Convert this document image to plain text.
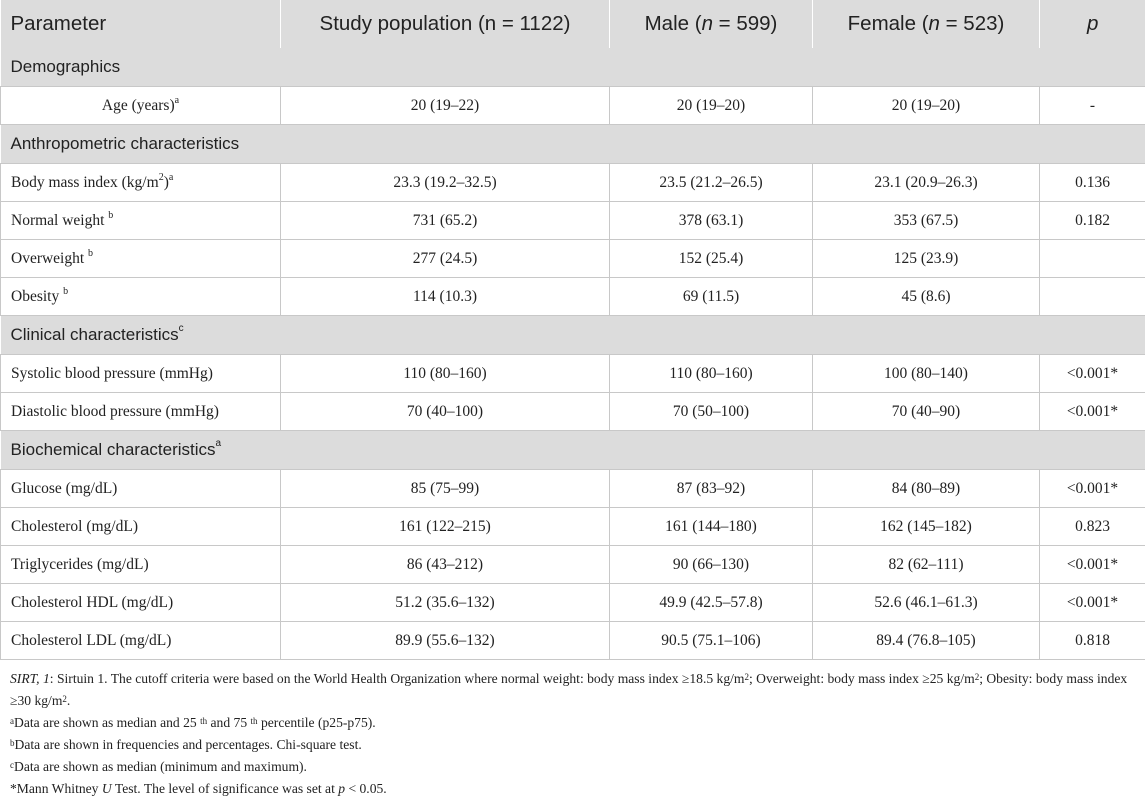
Parameter	Study population (n = 1122)	Male (n = 599)	Female (n = 523)	p
Demographics				
Age (years)$^a$	20 (19–22)	20 (19–20)	20 (19–20)	-
Anthropometric characteristics				
Body mass index $(kg/m^2)^a$	23.3 (19.2–32.5)	23.5 (21.2–26.5)	23.1 (20.9–26.3)	0.136
Normal weight $^b$	731 (65.2)	378 (63.1)	353 (67.5)	0.182
Overweight $^b$	277 (24.5)	152 (25.4)	125 (23.9)	
Obesity $^b$	114 (10.3)	69 (11.5)	45 (8.6)	
Clinical characteristics$^c$
Systolic blood pressure (mmHg)	110 (80–160)	110 (80–160)	100 (80–140)	<0.001*
Diastolic blood pressure (mmHg)	70 (40–100)	70 (50–100)	70 (40–90)	<0.001*
Biochemical characteristics$^a$
Glucose (mg/dL)	85 (75–99)	87 (83–92)	84 (80–89)	<0.001*
Cholesterol (mg/dL)	161 (122–215)	161 (144–180)	162 (145–182)	0.823
Triglycerides (mg/dL)	86 (43–212)	90 (66–130)	82 (62–111)	<0.001*
Cholesterol HDL (mg/dL)	51.2 (35.6–132)	49.9 (42.5–57.8)	52.6 (46.1–61.3)	<0.001*
Cholesterol LDL (mg/dL)	89.9 (55.6–132)	90.5 (75.1–106)	89.4 (76.8–105)	0.818

SIRT, 1: Sirtuin 1. The cutoff criteria were based on the World Health Organization where normal weight: body mass index ≥18.5 kg/m$^2$; Overweight: body mass index ≥25 kg/m$^2$; Obesity: body mass index ≥30 kg/m$^2$.

$^a$Data are shown as median and 25 $^{th}$ and 75 $^{th}$ percentile (p25-p75).

$^b$Data are shown in frequencies and percentages. Chi-square test.

$^c$Data are shown as median (minimum and maximum).

*Mann Whitney U Test. The level of significance was set at p < 0.05.
